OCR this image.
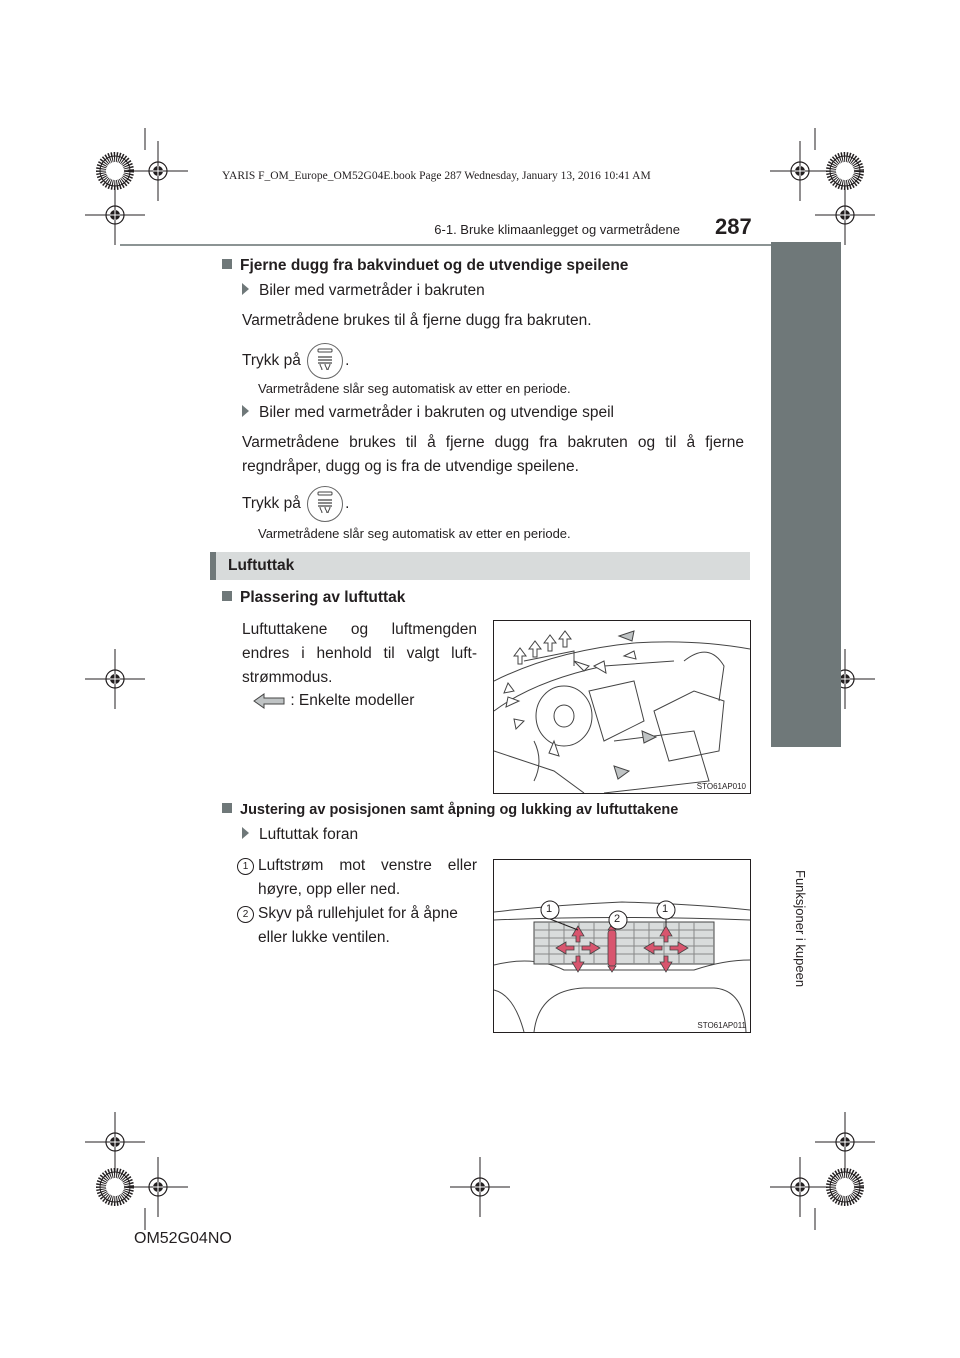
YARIS F_OM_Europe_OM52G04E.book Page 287 Wednesday, January 13, 2016 10:41 AM
6-1. Bruke klimaanlegget og varmetrådene 287
6
Funksjoner i kupeen
Fjerne dugg fra bakvinduet og de utvendige speilene
Biler med varmetråder i bakruten
Varmetrådene brukes til å fjerne dugg fra bakruten.
Trykk på	.
Varmetrådene slår seg automatisk av etter en periode.
Biler med varmetråder i bakruten og utvendige speil
Varmetrådene brukes til å fjerne dugg fra bakruten og til å fjerne
regndråper, dugg og is fra de utvendige speilene.
Trykk på	.
Varmetrådene slår seg automatisk av etter en periode.
Luftuttak
Plassering av luftuttak
Luftuttakene og luftmengden
endres i henhold til valgt luft-
strømmodus.
: Enkelte modeller
STO61AP010
Justering av posisjonen samt åpning og lukking av luftuttakene
Luftuttak foran
1 Luftstrøm mot venstre eller
høyre, opp eller ned.
2 Skyv på rullehjulet for å åpne
eller lukke ventilen.
1
2
1
STO61AP011
OM52G04NO
